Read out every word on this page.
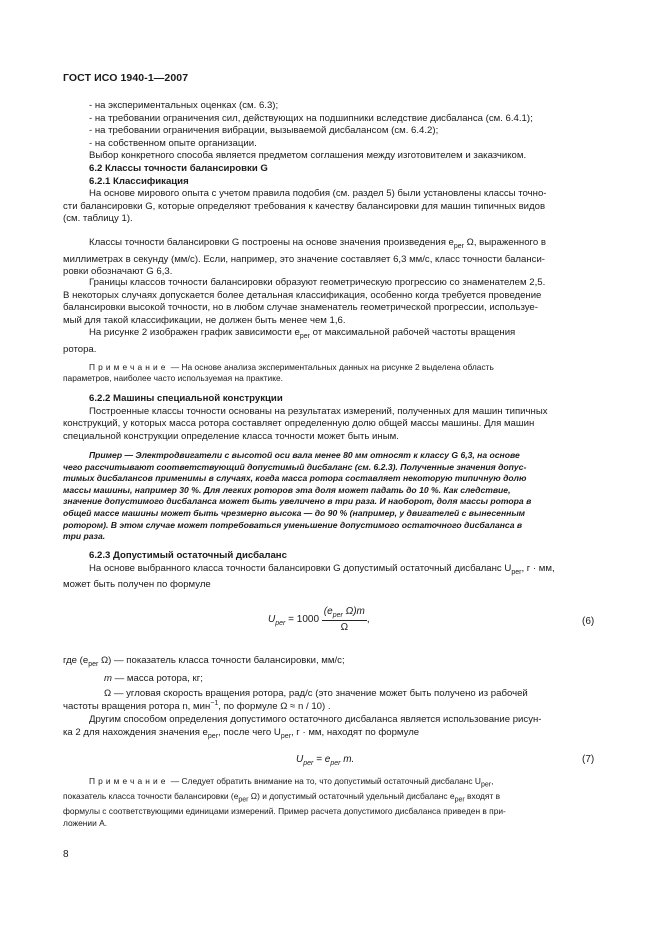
ГОСТ ИСО 1940-1—2007

- на экспериментальных оценках (см. 6.3);

- на требовании ограничения сил, действующих на подшипники вследствие дисбаланса (см. 6.4.1);

- на требовании ограничения вибрации, вызываемой дисбалансом (см. 6.4.2);

- на собственном опыте организации.

Выбор конкретного способа является предметом соглашения между изготовителем и заказчиком.

6.2 Классы точности балансировки G

6.2.1 Классификация

На основе мирового опыта с учетом правила подобия (см. раздел 5) были установлены классы точно-

сти балансировки G, которые определяют требования к качеству балансировки для машин типичных видов

(см. таблицу 1).

Классы точности балансировки G построены на основе значения произведения $e_{per}$ Ω, выраженного в

миллиметрах в секунду (мм/с). Если, например, это значение составляет 6,3 мм/с, класс точности баланси-

ровки обозначают G 6,3.

Границы классов точности балансировки образуют геометрическую прогрессию со знаменателем 2,5.

В некоторых случаях допускается более детальная классификация, особенно когда требуется проведение

балансировки высокой точности, но в любом случае знаменатель геометрической прогрессии, используе-

мый для такой классификации, не должен быть менее чем 1,6.

На рисунке 2 изображен график зависимости $e_{per}$ от максимальной рабочей частоты вращения

ротора.

Примечание — На основе анализа экспериментальных данных на рисунке 2 выделена область

параметров, наиболее часто используемая на практике.

6.2.2 Машины специальной конструкции

Построенные классы точности основаны на результатах измерений, полученных для машин типичных

конструкций, у которых масса ротора составляет определенную долю общей массы машины. Для машин

специальной конструкции определение класса точности может быть иным.

Пример — Электродвигатели с высотой оси вала менее 80 мм относят к классу G 6,3, на основе

чего рассчитывают соответствующий допустимый дисбаланс (см. 6.2.3). Полученные значения допус-

тимых дисбалансов применимы в случаях, когда масса ротора составляет некоторую типичную долю

массы машины, например 30 %. Для легких роторов эта доля может падать до 10 %. Как следствие,

значение допустимого дисбаланса может быть увеличено в три раза. И наоборот, доля массы ротора в

общей массе машины может быть чрезмерно высока — до 90 % (например, у двигателей с вынесенным

ротором). В этом случае может потребоваться уменьшение допустимого остаточного дисбаланса в

три раза.

6.2.3 Допустимый остаточный дисбаланс

На основе выбранного класса точности балансировки G допустимый остаточный дисбаланс $U_{per}$, г · мм,

может быть получен по формуле

$U_{per} = 1000 \frac{(e_{per} \Omega)m}{\Omega}$ ,	(6)
где ($e_{per}$ Ω) — показатель класса точности балансировки, мм/с;
m — масса ротора, кг;
Ω — угловая скорость вращения ротора, рад/с (это значение может быть получено из рабочей
частоты вращения ротора n, мин$^{-1}$, по формуле Ω ≈ n / 10) .

Другим способом определения допустимого остаточного дисбаланса является использование рисун-

ка 2 для нахождения значения $e_{per}$, после чего $U_{per}$, г · мм, находят по формуле

$U_{per} = e_{per}$ m.	(7)

Примечание — Следует обратить внимание на то, что допустимый остаточный дисбаланс $U_{per}$,

показатель класса точности балансировки ($e_{per}$ Ω) и допустимый остаточный удельный дисбаланс $e_{per}$ входят в

формулы с соответствующими единицами измерений. Пример расчета допустимого дисбаланса приведен в при-

ложении А.

8
